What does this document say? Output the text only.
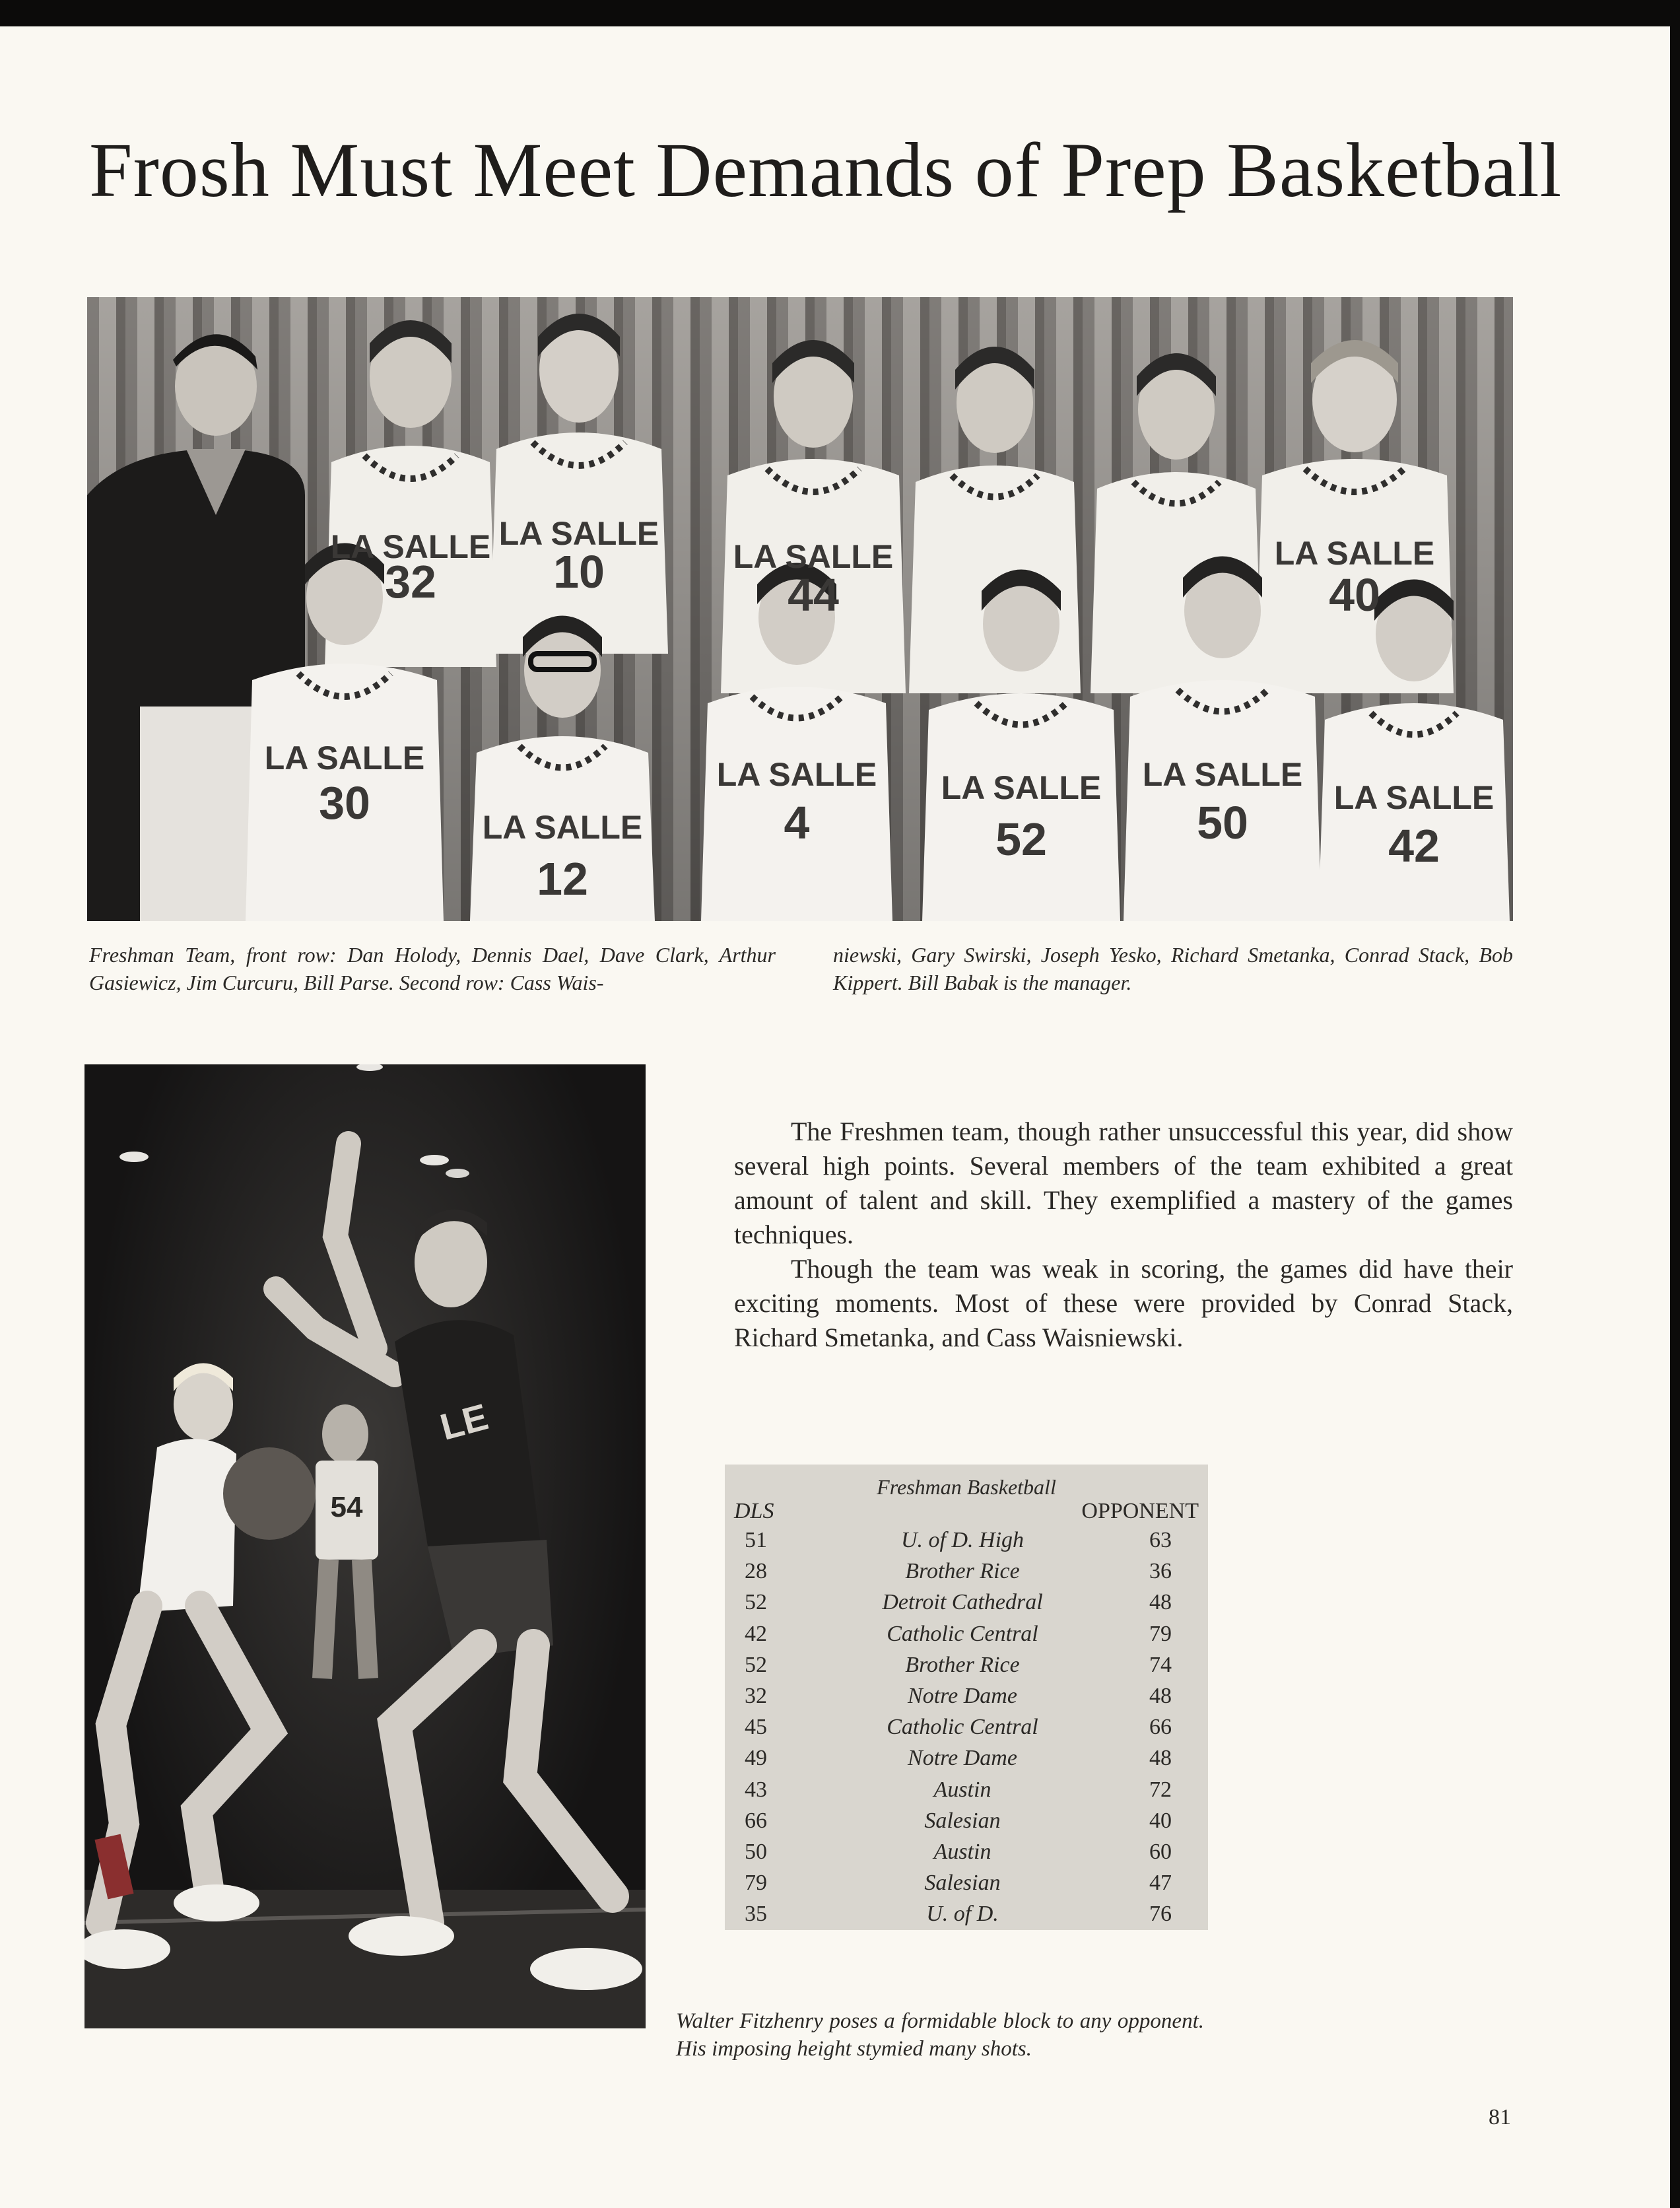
Frosh Must Meet Demands of Prep Basketball
LA SALLE
32
LA SALLE
10	LA SALLE
44
LA SALLE
40
LA SALLE
30	LA SALLE
12
LA SALLE
4
LA SALLE
52
LA SALLE
50	LA SALLE
42
Freshman Team, front row: Dan Holody, Dennis Dael, Dave Clark, Arthur Gasiewicz, Jim Curcuru, Bill Parse. Second row: Cass Wais-
niewski, Gary Swirski, Joseph Yesko, Richard Smetanka, Conrad Stack, Bob Kippert. Bill Babak is the manager.
54
LE

The Freshmen team, though rather unsuccessful this year, did show several high points. Several members of the team exhibited a great amount of talent and skill. They exemplified a mastery of the games techniques.

Though the team was weak in scoring, the games did have their exciting moments. Most of these were provided by Conrad Stack, Richard Smetanka, and Cass Waisniewski.

Freshman Basketball
DLS	OPPONENT
51	U. of D. High	63
28	Brother Rice	36
52	Detroit Cathedral	48
42	Catholic Central	79
52	Brother Rice	74
32	Notre Dame	48
45	Catholic Central	66
49	Notre Dame	48
43	Austin	72
66	Salesian	40
50	Austin	60
79	Salesian	47
35	U. of D.	76
Walter Fitzhenry poses a formidable block to any opponent. His imposing height stymied many shots.
81
